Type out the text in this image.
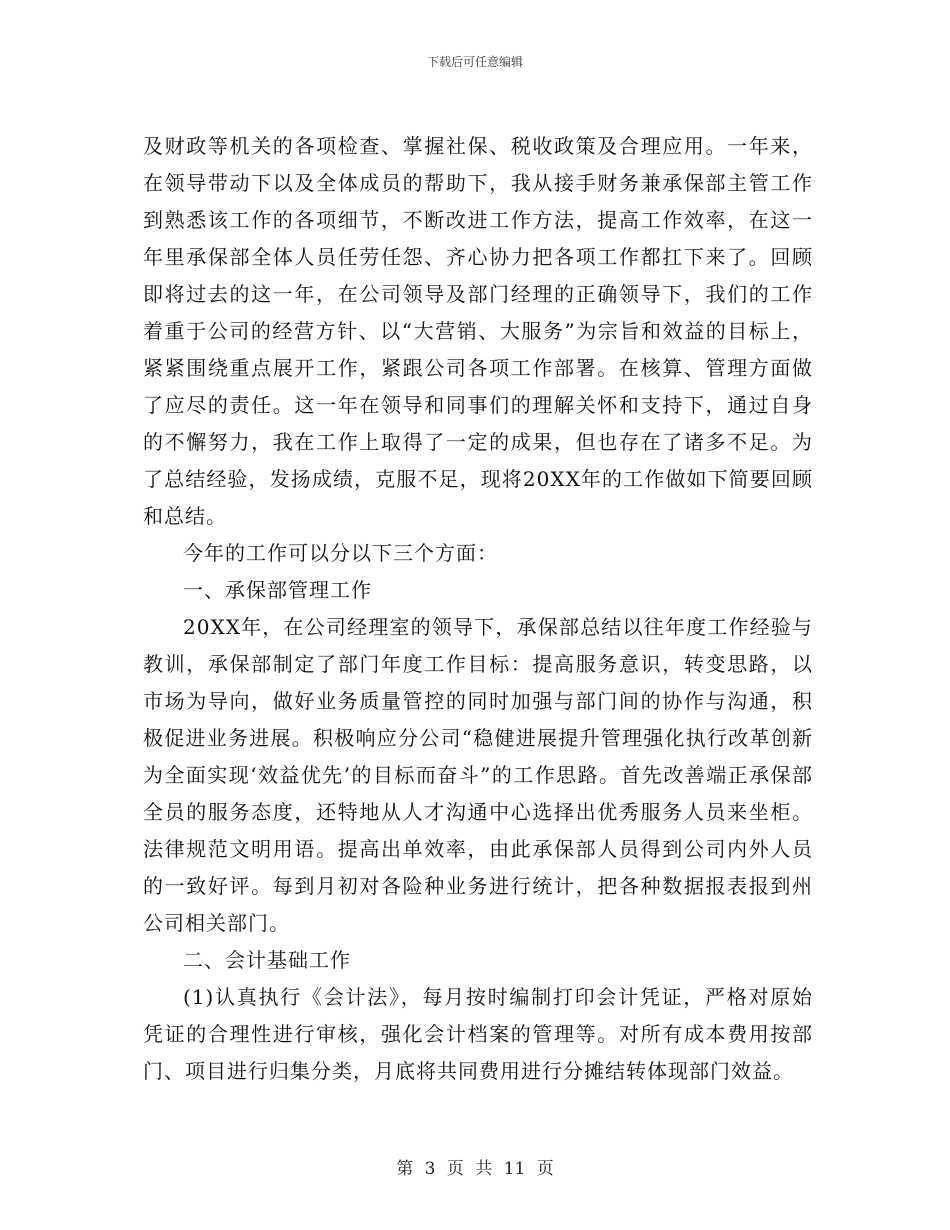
下载后可任意编辑

及财政等机关的各项检查、掌握社保、税收政策及合理应用。一年来，在领导带动下以及全体成员的帮助下，我从接手财务兼承保部主管工作到熟悉该工作的各项细节，不断改进工作方法，提高工作效率，在这一年里承保部全体人员任劳任怨、齐心协力把各项工作都扛下来了。回顾即将过去的这一年，在公司领导及部门经理的正确领导下，我们的工作着重于公司的经营方针、以“大营销、大服务”为宗旨和效益的目标上，紧紧围绕重点展开工作，紧跟公司各项工作部署。在核算、管理方面做了应尽的责任。这一年在领导和同事们的理解关怀和支持下，通过自身的不懈努力，我在工作上取得了一定的成果，但也存在了诸多不足。为了总结经验，发扬成绩，克服不足，现将20XX年的工作做如下简要回顾和总结。

今年的工作可以分以下三个方面：

一、承保部管理工作

20XX年，在公司经理室的领导下，承保部总结以往年度工作经验与教训，承保部制定了部门年度工作目标：提高服务意识，转变思路，以市场为导向，做好业务质量管控的同时加强与部门间的协作与沟通，积极促进业务进展。积极响应分公司“稳健进展提升管理强化执行改革创新为全面实现‘效益优先’的目标而奋斗”的工作思路。首先改善端正承保部全员的服务态度，还特地从人才沟通中心选择出优秀服务人员来坐柜。法律规范文明用语。提高出单效率，由此承保部人员得到公司内外人员的一致好评。每到月初对各险种业务进行统计，把各种数据报表报到州公司相关部门。

二、会计基础工作

(1)认真执行《会计法》，每月按时编制打印会计凭证，严格对原始凭证的合理性进行审核，强化会计档案的管理等。对所有成本费用按部门、项目进行归集分类，月底将共同费用进行分摊结转体现部门效益。

第 3 页 共 11 页
